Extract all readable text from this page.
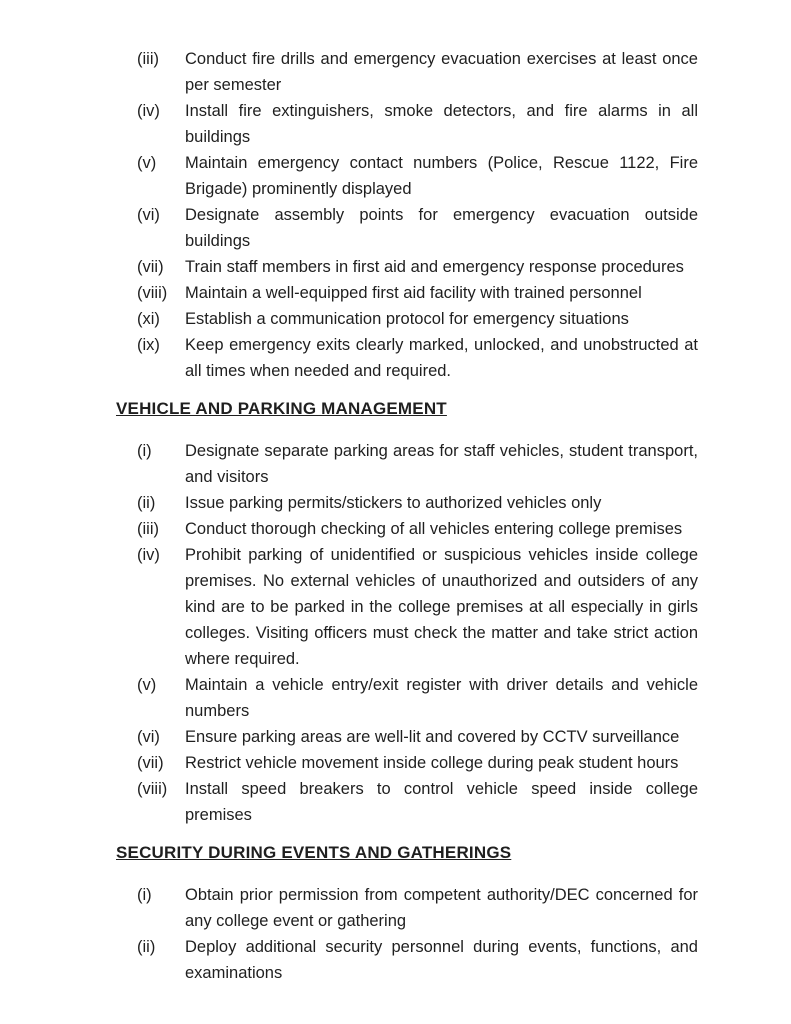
(iii)	Conduct fire drills and emergency evacuation exercises at least once per semester
(iv)	Install fire extinguishers, smoke detectors, and fire alarms in all buildings
(v)	Maintain emergency contact numbers (Police, Rescue 1122, Fire Brigade) prominently displayed
(vi)	Designate assembly points for emergency evacuation outside buildings
(vii)	Train staff members in first aid and emergency response procedures
(viii)	Maintain a well-equipped first aid facility with trained personnel
(xi)	Establish a communication protocol for emergency situations
(ix)	Keep emergency exits clearly marked, unlocked, and unobstructed at all times when needed and required.
VEHICLE AND PARKING MANAGEMENT
(i)	Designate separate parking areas for staff vehicles, student transport, and visitors
(ii)	Issue parking permits/stickers to authorized vehicles only
(iii)	Conduct thorough checking of all vehicles entering college premises
(iv)	Prohibit parking of unidentified or suspicious vehicles inside college premises. No external vehicles of unauthorized and outsiders of any kind are to be parked in the college premises at all especially in girls colleges. Visiting officers must check the matter and take strict action where required.
(v)	Maintain a vehicle entry/exit register with driver details and vehicle numbers
(vi)	Ensure parking areas are well-lit and covered by CCTV surveillance
(vii)	Restrict vehicle movement inside college during peak student hours
(viii)	Install speed breakers to control vehicle speed inside college premises
SECURITY DURING EVENTS AND GATHERINGS
(i)	Obtain prior permission from competent authority/DEC concerned for any college event or gathering
(ii)	Deploy additional security personnel during events, functions, and examinations
